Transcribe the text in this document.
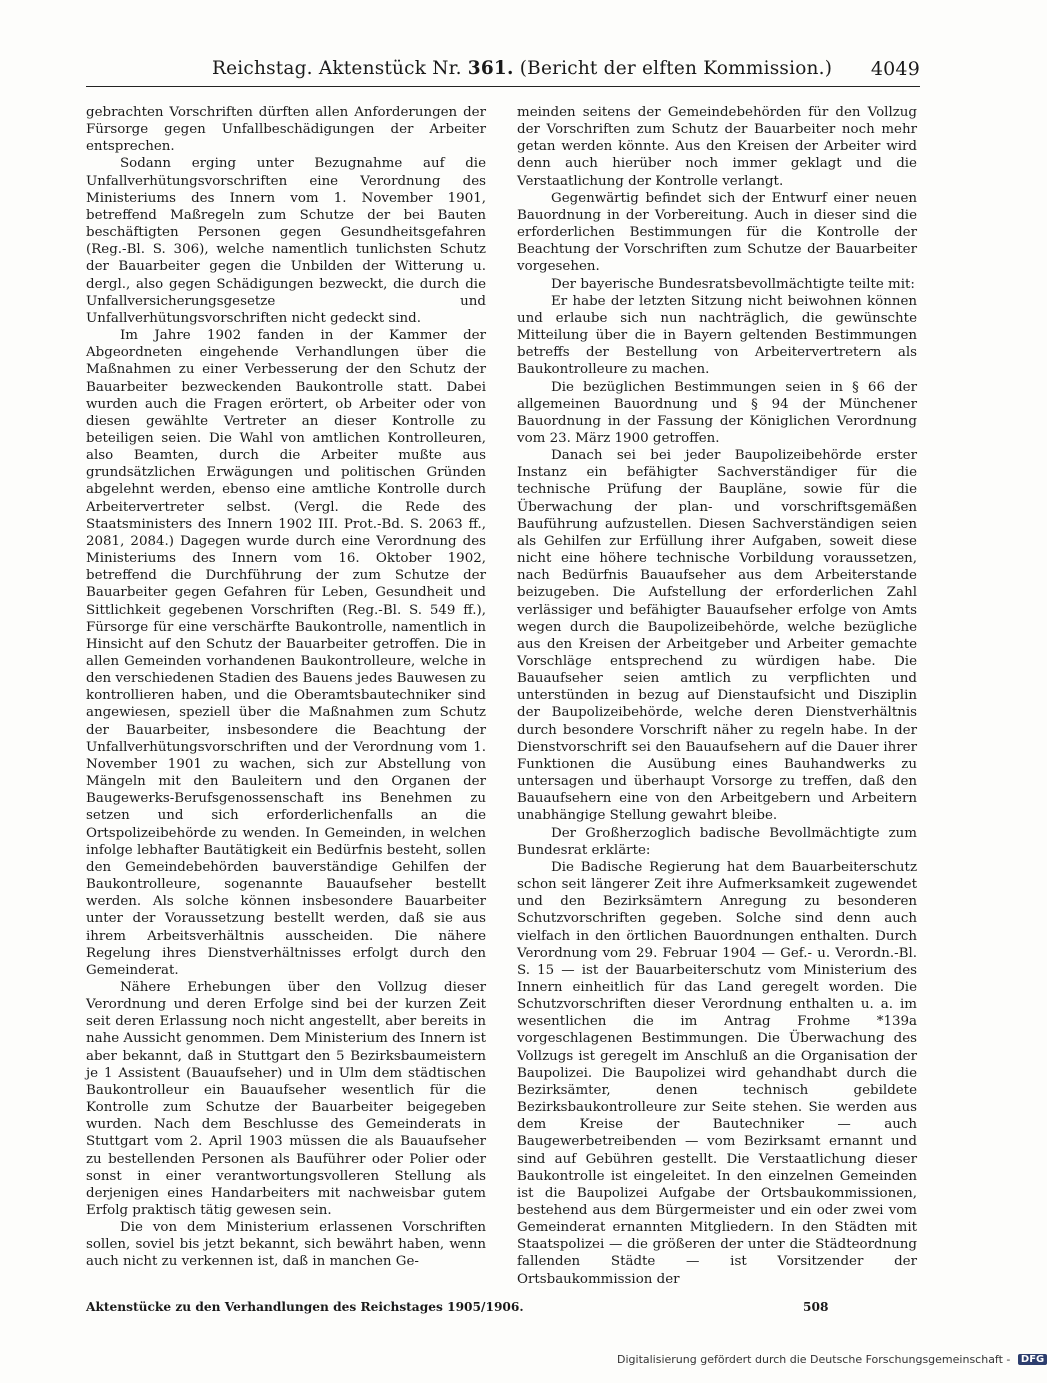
Reichstag. Aktenstück Nr. 361. (Bericht der elften Kommission.) 4049

gebrachten Vorschriften dürften allen Anforderungen der Fürsorge gegen Unfallbeschädigungen der Arbeiter entsprechen.

Sodann erging unter Bezugnahme auf die Unfallverhütungsvorschriften eine Verordnung des Ministeriums des Innern vom 1. November 1901, betreffend Maßregeln zum Schutze der bei Bauten beschäftigten Personen gegen Gesundheitsgefahren (Reg.-Bl. S. 306), welche namentlich tunlichsten Schutz der Bauarbeiter gegen die Unbilden der Witterung u. dergl., also gegen Schädigungen bezweckt, die durch die Unfallversicherungsgesetze und Unfallverhütungsvorschriften nicht gedeckt sind.

Im Jahre 1902 fanden in der Kammer der Abgeordneten eingehende Verhandlungen über die Maßnahmen zu einer Verbesserung der den Schutz der Bauarbeiter bezweckenden Baukontrolle statt. Dabei wurden auch die Fragen erörtert, ob Arbeiter oder von diesen gewählte Vertreter an dieser Kontrolle zu beteiligen seien. Die Wahl von amtlichen Kontrolleuren, also Beamten, durch die Arbeiter mußte aus grundsätzlichen Erwägungen und politischen Gründen abgelehnt werden, ebenso eine amtliche Kontrolle durch Arbeitervertreter selbst. (Vergl. die Rede des Staatsministers des Innern 1902 III. Prot.-Bd. S. 2063 ff., 2081, 2084.) Dagegen wurde durch eine Verordnung des Ministeriums des Innern vom 16. Oktober 1902, betreffend die Durchführung der zum Schutze der Bauarbeiter gegen Gefahren für Leben, Gesundheit und Sittlichkeit gegebenen Vorschriften (Reg.-Bl. S. 549 ff.), Fürsorge für eine verschärfte Baukontrolle, namentlich in Hinsicht auf den Schutz der Bauarbeiter getroffen. Die in allen Gemeinden vorhandenen Baukontrolleure, welche in den verschiedenen Stadien des Bauens jedes Bauwesen zu kontrollieren haben, und die Oberamtsbautechniker sind angewiesen, speziell über die Maßnahmen zum Schutz der Bauarbeiter, insbesondere die Beachtung der Unfallverhütungsvorschriften und der Verordnung vom 1. November 1901 zu wachen, sich zur Abstellung von Mängeln mit den Bauleitern und den Organen der Baugewerks-Berufsgenossenschaft ins Benehmen zu setzen und sich erforderlichenfalls an die Ortspolizeibehörde zu wenden. In Gemeinden, in welchen infolge lebhafter Bautätigkeit ein Bedürfnis besteht, sollen den Gemeindebehörden bauverständige Gehilfen der Baukontrolleure, sogenannte Bauaufseher bestellt werden. Als solche können insbesondere Bauarbeiter unter der Voraussetzung bestellt werden, daß sie aus ihrem Arbeitsverhältnis ausscheiden. Die nähere Regelung ihres Dienstverhältnisses erfolgt durch den Gemeinderat.

Nähere Erhebungen über den Vollzug dieser Verordnung und deren Erfolge sind bei der kurzen Zeit seit deren Erlassung noch nicht angestellt, aber bereits in nahe Aussicht genommen. Dem Ministerium des Innern ist aber bekannt, daß in Stuttgart den 5 Bezirksbaumeistern je 1 Assistent (Bauaufseher) und in Ulm dem städtischen Baukontrolleur ein Bauaufseher wesentlich für die Kontrolle zum Schutze der Bauarbeiter beigegeben wurden. Nach dem Beschlusse des Gemeinderats in Stuttgart vom 2. April 1903 müssen die als Bauaufseher zu bestellenden Personen als Bauführer oder Polier oder sonst in einer verantwortungsvolleren Stellung als derjenigen eines Handarbeiters mit nachweisbar gutem Erfolg praktisch tätig gewesen sein.

Die von dem Ministerium erlassenen Vorschriften sollen, soviel bis jetzt bekannt, sich bewährt haben, wenn auch nicht zu verkennen ist, daß in manchen Ge-

meinden seitens der Gemeindebehörden für den Vollzug der Vorschriften zum Schutz der Bauarbeiter noch mehr getan werden könnte. Aus den Kreisen der Arbeiter wird denn auch hierüber noch immer geklagt und die Verstaatlichung der Kontrolle verlangt.

Gegenwärtig befindet sich der Entwurf einer neuen Bauordnung in der Vorbereitung. Auch in dieser sind die erforderlichen Bestimmungen für die Kontrolle der Beachtung der Vorschriften zum Schutze der Bauarbeiter vorgesehen.

Der bayerische Bundesratsbevollmächtigte teilte mit:

Er habe der letzten Sitzung nicht beiwohnen können und erlaube sich nun nachträglich, die gewünschte Mitteilung über die in Bayern geltenden Bestimmungen betreffs der Bestellung von Arbeitervertretern als Baukontrolleure zu machen.

Die bezüglichen Bestimmungen seien in § 66 der allgemeinen Bauordnung und § 94 der Münchener Bauordnung in der Fassung der Königlichen Verordnung vom 23. März 1900 getroffen.

Danach sei bei jeder Baupolizeibehörde erster Instanz ein befähigter Sachverständiger für die technische Prüfung der Baupläne, sowie für die Überwachung der plan- und vorschriftsgemäßen Bauführung aufzustellen. Diesen Sachverständigen seien als Gehilfen zur Erfüllung ihrer Aufgaben, soweit diese nicht eine höhere technische Vorbildung voraussetzen, nach Bedürfnis Bauaufseher aus dem Arbeiterstande beizugeben. Die Aufstellung der erforderlichen Zahl verlässiger und befähigter Bauaufseher erfolge von Amts wegen durch die Baupolizeibehörde, welche bezügliche aus den Kreisen der Arbeitgeber und Arbeiter gemachte Vorschläge entsprechend zu würdigen habe. Die Bauaufseher seien amtlich zu verpflichten und unterstünden in bezug auf Dienstaufsicht und Disziplin der Baupolizeibehörde, welche deren Dienstverhältnis durch besondere Vorschrift näher zu regeln habe. In der Dienstvorschrift sei den Bauaufsehern auf die Dauer ihrer Funktionen die Ausübung eines Bauhandwerks zu untersagen und überhaupt Vorsorge zu treffen, daß den Bauaufsehern eine von den Arbeitgebern und Arbeitern unabhängige Stellung gewahrt bleibe.

Der Großherzoglich badische Bevollmächtigte zum Bundesrat erklärte:

Die Badische Regierung hat dem Bauarbeiterschutz schon seit längerer Zeit ihre Aufmerksamkeit zugewendet und den Bezirksämtern Anregung zu besonderen Schutzvorschriften gegeben. Solche sind denn auch vielfach in den örtlichen Bauordnungen enthalten. Durch Verordnung vom 29. Februar 1904 — Gef.- u. Verordn.-Bl. S. 15 — ist der Bauarbeiterschutz vom Ministerium des Innern einheitlich für das Land geregelt worden. Die Schutzvorschriften dieser Verordnung enthalten u. a. im wesentlichen die im Antrag Frohme *139a vorgeschlagenen Bestimmungen. Die Überwachung des Vollzugs ist geregelt im Anschluß an die Organisation der Baupolizei. Die Baupolizei wird gehandhabt durch die Bezirksämter, denen technisch gebildete Bezirksbaukontrolleure zur Seite stehen. Sie werden aus dem Kreise der Bautechniker — auch Baugewerbetreibenden — vom Bezirksamt ernannt und sind auf Gebühren gestellt. Die Verstaatlichung dieser Baukontrolle ist eingeleitet. In den einzelnen Gemeinden ist die Baupolizei Aufgabe der Ortsbaukommissionen, bestehend aus dem Bürgermeister und ein oder zwei vom Gemeinderat ernannten Mitgliedern. In den Städten mit Staatspolizei — die größeren der unter die Städteordnung fallenden Städte — ist Vorsitzender der Ortsbaukommission der

Aktenstücke zu den Verhandlungen des Reichstages 1905/1906.	508
Digitalisierung gefördert durch die Deutsche Forschungsgemeinschaft - DFG
